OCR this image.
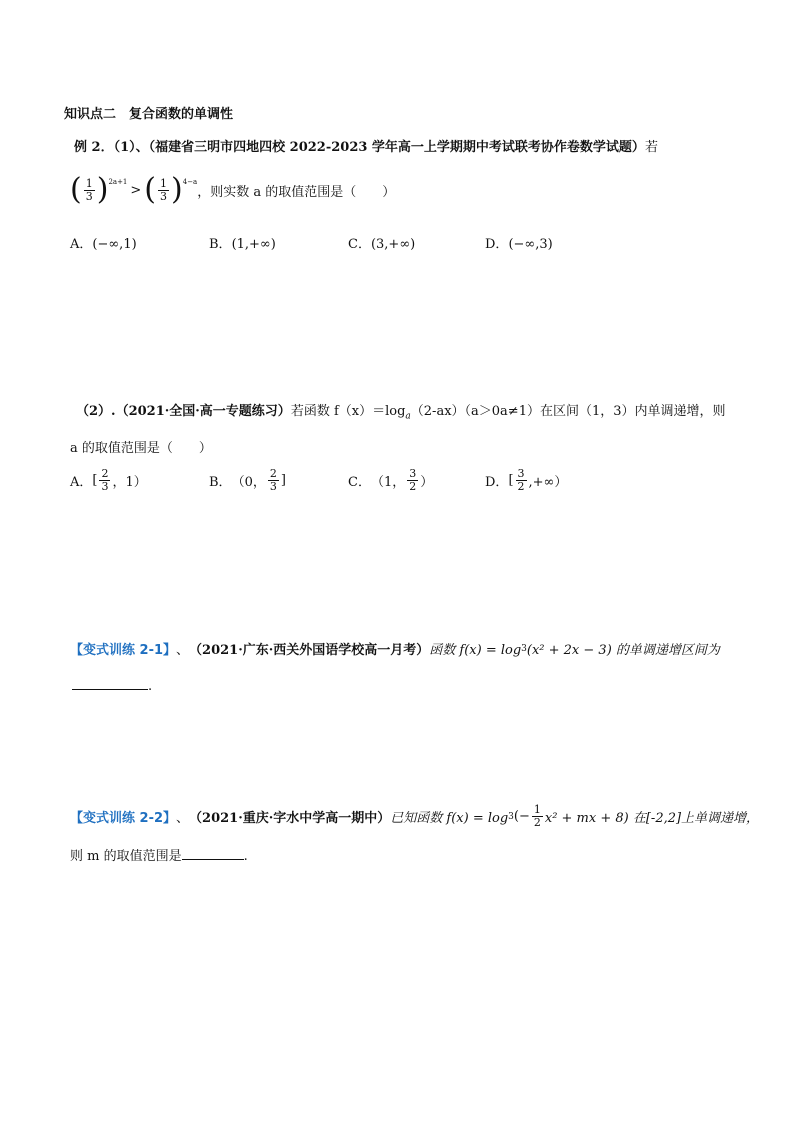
知识点二　复合函数的单调性
例 2．（1）、（福建省三明市四地四校 2022-2023 学年高一上学期期中考试联考协作卷数学试题）若
( $\frac{1}{3}$ ) 2a+1
> ( $\frac{1}{3}$ ) 4−a
，则实数 a 的取值范围是（　　）
A．(−∞,1)	B．(1,+∞)	C．(3,+∞)	D．(−∞,3)
（2）.（2021·全国·高一专题练习）若函数 $f(x)=\log_a(2-ax)(a>0a\ne 1)$在区间（1，3）内单调递增，则
a 的取值范围是（　　）
A． [ $\frac{2}{3}$ ，1）	B． （0， $\frac{2}{3}$ ]	C． （1， $\frac{3}{2}$ ）	D． [ $\frac{3}{2}$ ,+∞）
【变式训练 2-1】 、 （2021·广东·西关外国语学校高一月考） 函数 f(x) = log 3 (x² + 2x − 3) 的单调递增区间为
.
【变式训练 2-2】 、 （2021·重庆·字水中学高一期中） 已知函数 f(x) = log 3 (− $\frac{1}{2} x^2$ + mx + 8) 在[-2,2]上单调递增，
则 m 的取值范围是	.
